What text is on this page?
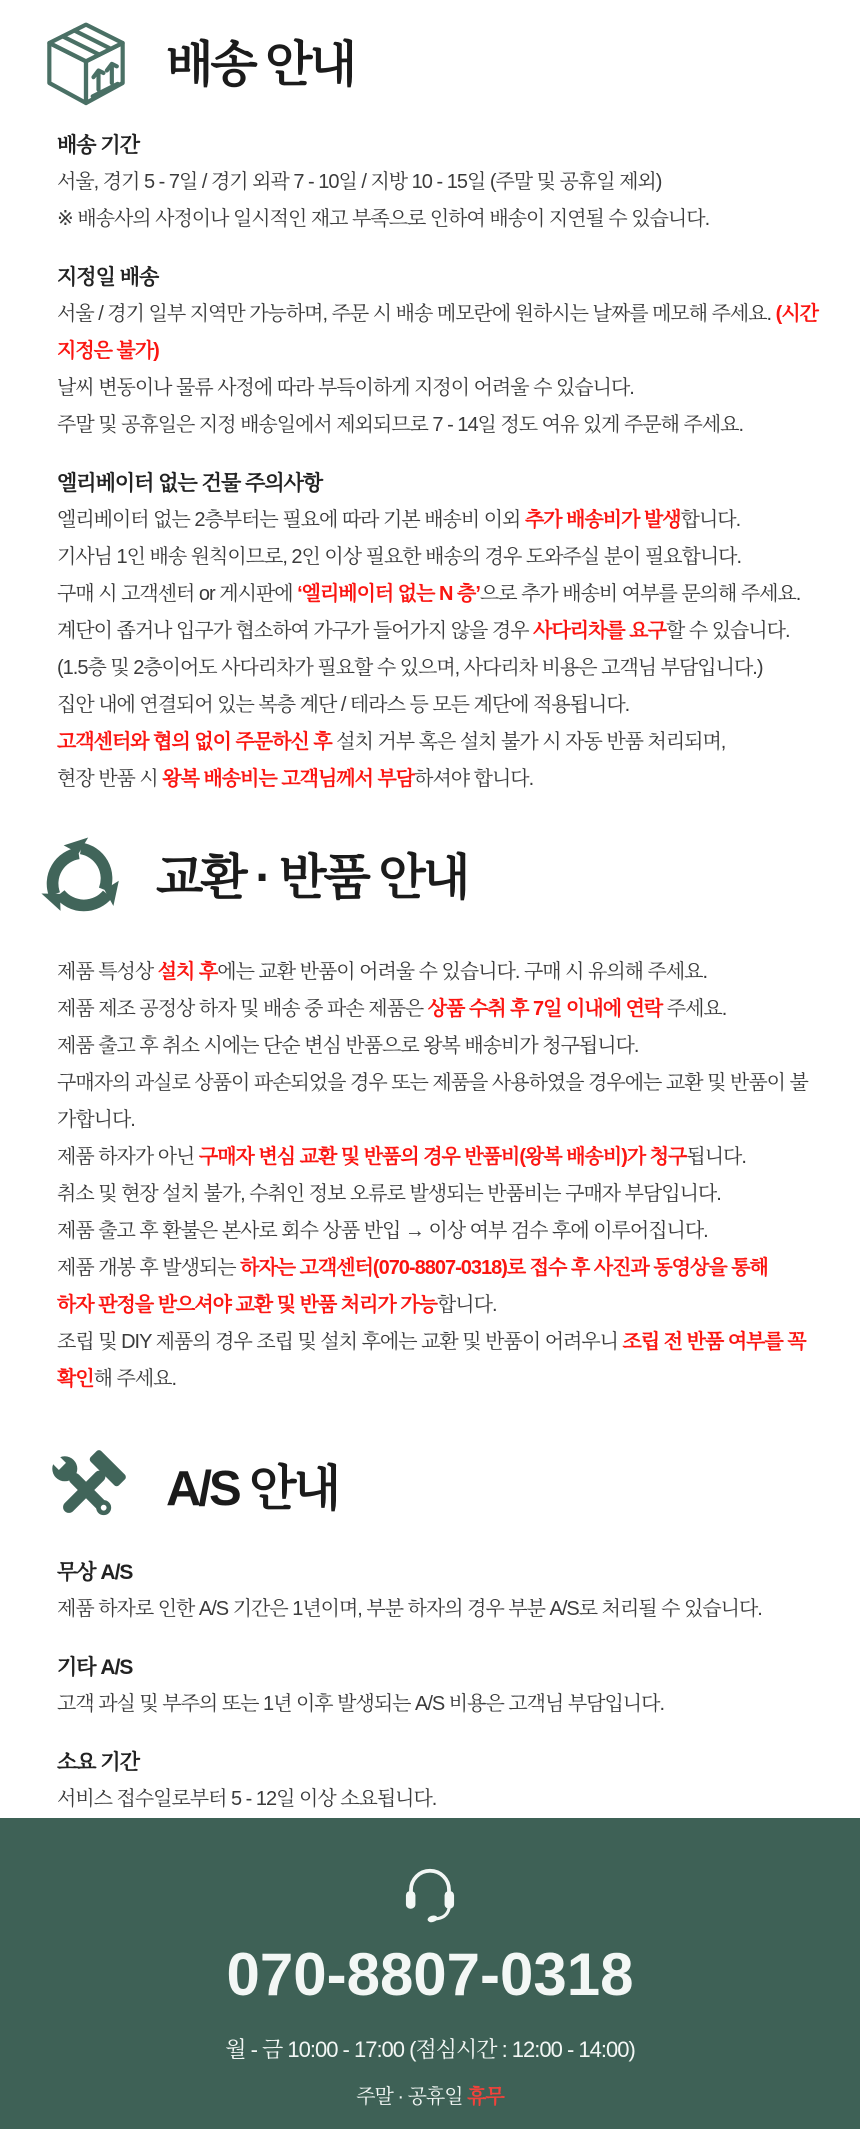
배송 안내
배송 기간

서울, 경기 5 - 7일 / 경기 외곽 7 - 10일 / 지방 10 - 15일 (주말 및 공휴일 제외)

※ 배송사의 사정이나 일시적인 재고 부족으로 인하여 배송이 지연될 수 있습니다.

지정일 배송

서울 / 경기 일부 지역만 가능하며, 주문 시 배송 메모란에 원하시는 날짜를 메모해 주세요. (시간 지정은 불가)

날씨 변동이나 물류 사정에 따라 부득이하게 지정이 어려울 수 있습니다.

주말 및 공휴일은 지정 배송일에서 제외되므로 7 - 14일 정도 여유 있게 주문해 주세요.

엘리베이터 없는 건물 주의사항

엘리베이터 없는 2층부터는 필요에 따라 기본 배송비 이외 추가 배송비가 발생합니다.

기사님 1인 배송 원칙이므로, 2인 이상 필요한 배송의 경우 도와주실 분이 필요합니다.

구매 시 고객센터 or 게시판에 ‘엘리베이터 없는 N 층’으로 추가 배송비 여부를 문의해 주세요.

계단이 좁거나 입구가 협소하여 가구가 들어가지 않을 경우 사다리차를 요구할 수 있습니다.

(1.5층 및 2층이어도 사다리차가 필요할 수 있으며, 사다리차 비용은 고객님 부담입니다.)

집안 내에 연결되어 있는 복층 계단 / 테라스 등 모든 계단에 적용됩니다.

고객센터와 협의 없이 주문하신 후 설치 거부 혹은 설치 불가 시 자동 반품 처리되며,

현장 반품 시 왕복 배송비는 고객님께서 부담하셔야 합니다.

교환 · 반품 안내

제품 특성상 설치 후에는 교환 반품이 어려울 수 있습니다. 구매 시 유의해 주세요.

제품 제조 공정상 하자 및 배송 중 파손 제품은 상품 수취 후 7일 이내에 연락 주세요.

제품 출고 후 취소 시에는 단순 변심 반품으로 왕복 배송비가 청구됩니다.

구매자의 과실로 상품이 파손되었을 경우 또는 제품을 사용하였을 경우에는 교환 및 반품이 불가합니다.

제품 하자가 아닌 구매자 변심 교환 및 반품의 경우 반품비(왕복 배송비)가 청구됩니다.

취소 및 현장 설치 불가, 수취인 정보 오류로 발생되는 반품비는 구매자 부담입니다.

제품 출고 후 환불은 본사로 회수 상품 반입 → 이상 여부 검수 후에 이루어집니다.

제품 개봉 후 발생되는 하자는 고객센터(070-8807-0318)로 접수 후 사진과 동영상을 통해

하자 판정을 받으셔야 교환 및 반품 처리가 가능합니다.

조립 및 DIY 제품의 경우 조립 및 설치 후에는 교환 및 반품이 어려우니 조립 전 반품 여부를 꼭 확인해 주세요.

A/S 안내
무상 A/S

제품 하자로 인한 A/S 기간은 1년이며, 부분 하자의 경우 부분 A/S로 처리될 수 있습니다.

기타 A/S

고객 과실 및 부주의 또는 1년 이후 발생되는 A/S 비용은 고객님 부담입니다.

소요 기간

서비스 접수일로부터 5 - 12일 이상 소요됩니다.

070-8807-0318
월 - 금 10:00 - 17:00 (점심시간 : 12:00 - 14:00)
주말 · 공휴일 휴무
